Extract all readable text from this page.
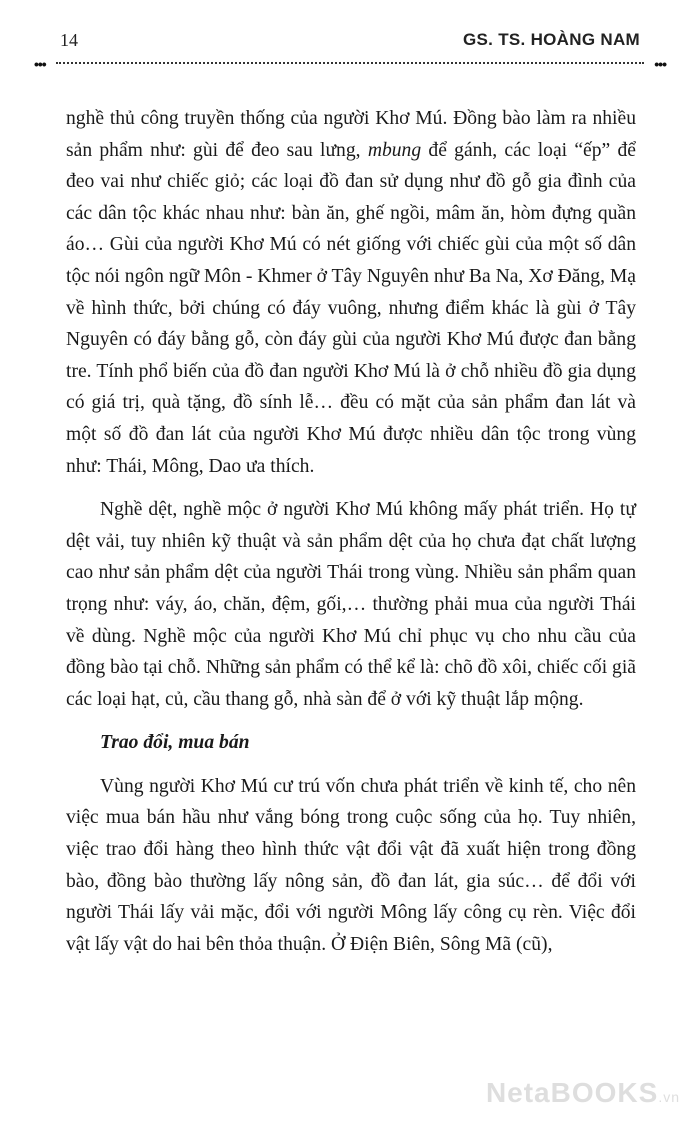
14	GS. TS. HOÀNG NAM
•••	•••

nghề thủ công truyền thống của người Khơ Mú. Đồng bào làm ra nhiều sản phẩm như: gùi để đeo sau lưng, mbung để gánh, các loại “ếp” để đeo vai như chiếc giỏ; các loại đồ đan sử dụng như đồ gỗ gia đình của các dân tộc khác nhau như: bàn ăn, ghế ngồi, mâm ăn, hòm đựng quần áo… Gùi của người Khơ Mú có nét giống với chiếc gùi của một số dân tộc nói ngôn ngữ Môn - Khmer ở Tây Nguyên như Ba Na, Xơ Đăng, Mạ về hình thức, bởi chúng có đáy vuông, nhưng điểm khác là gùi ở Tây Nguyên có đáy bằng gỗ, còn đáy gùi của người Khơ Mú được đan bằng tre. Tính phổ biến của đồ đan người Khơ Mú là ở chỗ nhiều đồ gia dụng có giá trị, quà tặng, đồ sính lễ… đều có mặt của sản phẩm đan lát và một số đồ đan lát của người Khơ Mú được nhiều dân tộc trong vùng như: Thái, Mông, Dao ưa thích.

Nghề dệt, nghề mộc ở người Khơ Mú không mấy phát triển. Họ tự dệt vải, tuy nhiên kỹ thuật và sản phẩm dệt của họ chưa đạt chất lượng cao như sản phẩm dệt của người Thái trong vùng. Nhiều sản phẩm quan trọng như: váy, áo, chăn, đệm, gối,… thường phải mua của người Thái về dùng. Nghề mộc của người Khơ Mú chỉ phục vụ cho nhu cầu của đồng bào tại chỗ. Những sản phẩm có thể kể là: chõ đồ xôi, chiếc cối giã các loại hạt, củ, cầu thang gỗ, nhà sàn để ở với kỹ thuật lắp mộng.

Trao đổi, mua bán

Vùng người Khơ Mú cư trú vốn chưa phát triển về kinh tế, cho nên việc mua bán hầu như vắng bóng trong cuộc sống của họ. Tuy nhiên, việc trao đổi hàng theo hình thức vật đổi vật đã xuất hiện trong đồng bào, đồng bào thường lấy nông sản, đồ đan lát, gia súc… để đổi với người Thái lấy vải mặc, đổi với người Mông lấy công cụ rèn. Việc đổi vật lấy vật do hai bên thỏa thuận. Ở Điện Biên, Sông Mã (cũ),

NetaBOOKS.vn
